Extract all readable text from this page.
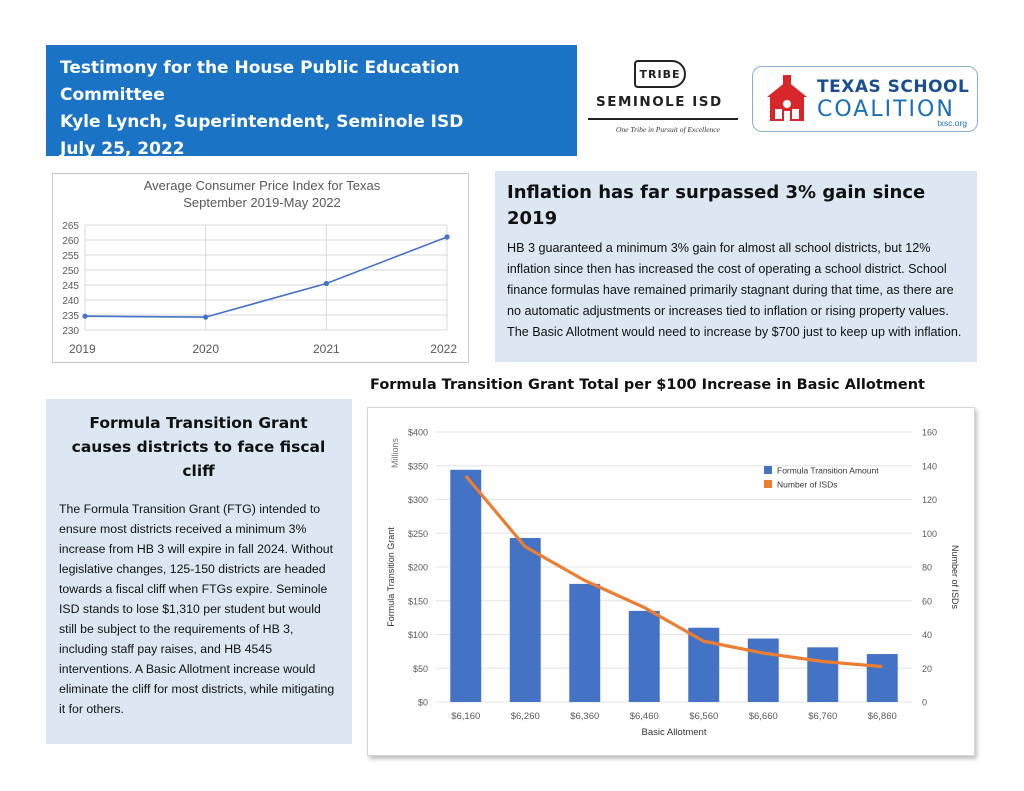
Testimony for the House Public Education Committee
Kyle Lynch, Superintendent, Seminole ISD
July 25, 2022
TRIBE
SEMINOLE ISD
One Tribe in Pursuit of Excellence
TEXAS SCHOOL
COALITION
txsc.org
Average Consumer Price Index for Texas
September 2019-May 2022
230
235
240
245
250
255
260
265
2019	2020	2021	2022
Inflation has far surpassed 3% gain since 2019
HB 3 guaranteed a minimum 3% gain for almost all school districts, but 12% inflation since then has increased the cost of operating a school district. School finance formulas have remained primarily stagnant during that time, as there are no automatic adjustments or increases tied to inflation or rising property values. The Basic Allotment would need to increase by $700 just to keep up with inflation.
Formula Transition Grant Total per $100 Increase in Basic Allotment
Formula Transition Grant causes districts to face fiscal cliff
The Formula Transition Grant (FTG) intended to ensure most districts received a minimum 3% increase from HB 3 will expire in fall 2024. Without legislative changes, 125-150 districts are headed towards a fiscal cliff when FTGs expire. Seminole ISD stands to lose $1,310 per student but would still be subject to the requirements of HB 3, including staff pay raises, and HB 4545 interventions. A Basic Allotment increase would eliminate the cliff for most districts, while mitigating it for others.	$0
$50
$100
$150
$200
$250
$300
$350
$400
0
20
40
60
80
100
120
140
160
$6,160	$6,260	$6,360	$6,460	$6,560	$6,660	$6,760	$6,860
Basic Allotment
Formula Transition Grant
Millions
Number of ISDs
Formula Transition Amount
Number of ISDs
